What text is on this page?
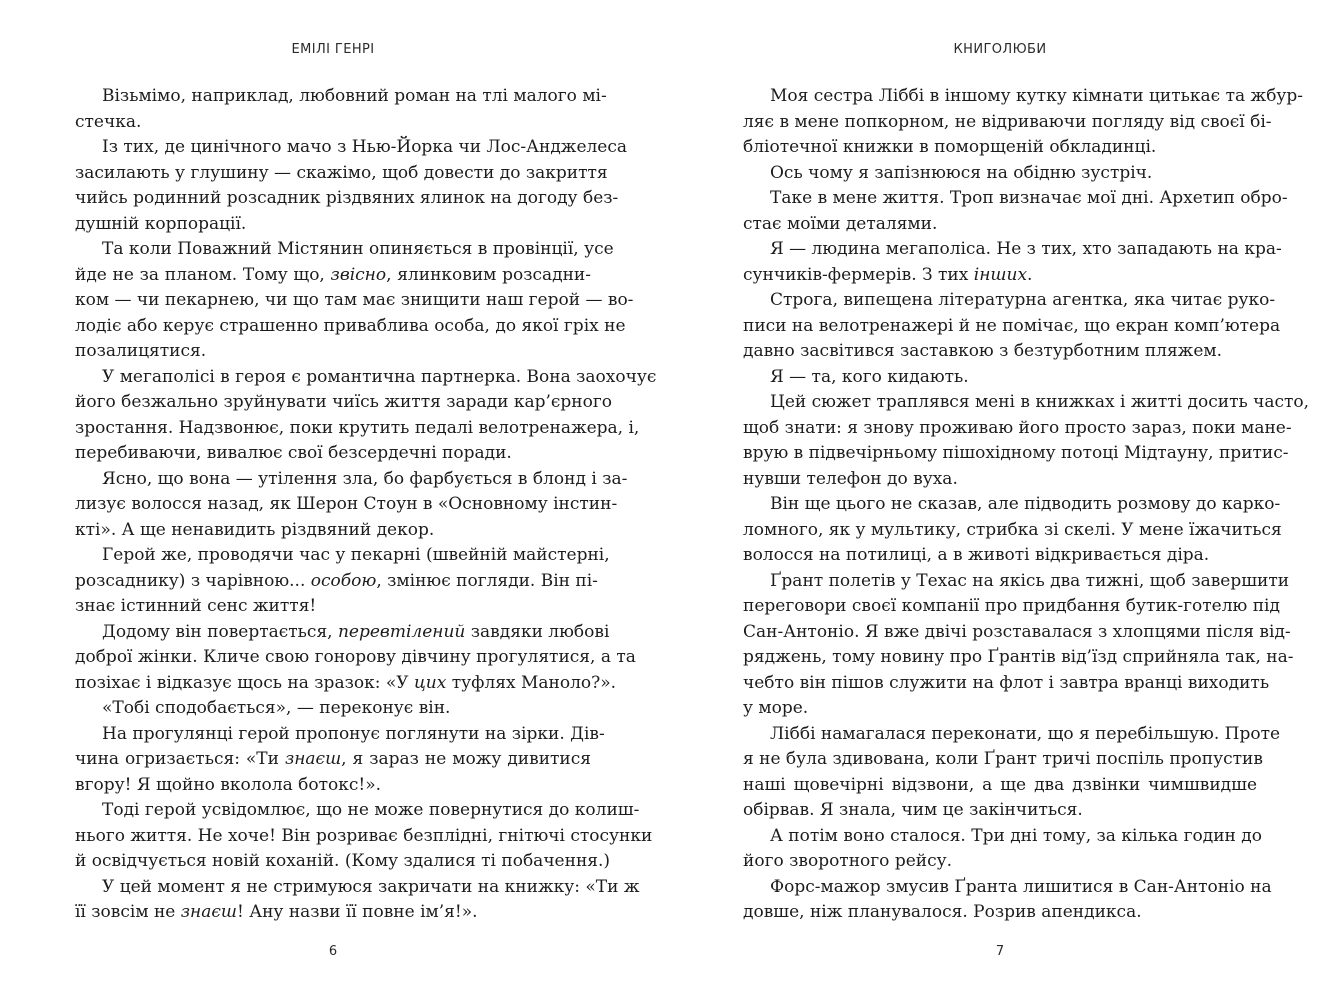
ЕМІЛІ ГЕНРІ
Візьмімо, наприклад, любовний роман на тлі малого мі-
стечка.
Із тих, де цинічного мачо з Нью-Йорка чи Лос-Анджелеса
засилають у глушину — скажімо, щоб довести до закриття
чийсь родинний розсадник різдвяних ялинок на догоду без-
душній корпорації.
Та коли Поважний Містянин опиняється в провінції, усе
йде не за планом. Тому що, звісно, ялинковим розсадни-
ком — чи пекарнею, чи що там має знищити наш герой — во-
лодіє або керує страшенно приваблива особа, до якої гріх не
позалицятися.
У мегаполісі в героя є романтична партнерка. Вона заохочує
його безжально зруйнувати чиїсь життя заради кар’єрного
зростання. Надзвонює, поки крутить педалі велотренажера, і,
перебиваючи, вивалює свої безсердечні поради.
Ясно, що вона — утілення зла, бо фарбується в блонд і за-
лизує волосся назад, як Шерон Стоун в «Основному інстин-
кті». А ще ненавидить різдвяний декор.
Герой же, проводячи час у пекарні (швейній майстерні,
розсаднику) з чарівною... особою, змінює погляди. Він пі-
знає істинний сенс життя!
Додому він повертається, перевтілений завдяки любові
доброї жінки. Кличе свою гонорову дівчину прогулятися, а та
позіхає і відказує щось на зразок: «У цих туфлях Маноло?».
«Тобі сподобається», — переконує він.
На прогулянці герой пропонує поглянути на зірки. Дів-
чина огризається: «Ти знаєш, я зараз не можу дивитися
вгору! Я щойно вколола ботокс!».
Тоді герой усвідомлює, що не може повернутися до колиш-
нього життя. Не хоче! Він розриває безплідні, гнітючі стосунки
й освідчується новій коханій. (Кому здалися ті побачення.)
У цей момент я не стримуюся закричати на книжку: «Ти ж
її зовсім не знаєш! Ану назви її повне ім’я!».
6
КНИГОЛЮБИ
Моя сестра Ліббі в іншому кутку кімнати цитькає та жбур-
ляє в мене попкорном, не відриваючи погляду від своєї бі-
бліотечної книжки в поморщеній обкладинці.
Ось чому я запізнююся на обідню зустріч.
Таке в мене життя. Троп визначає мої дні. Архетип обро-
стає моїми деталями.
Я — людина мегаполіса. Не з тих, хто западають на кра-
сунчиків-фермерів. З тих інших.
Строга, випещена літературна агентка, яка читає руко-
писи на велотренажері й не помічає, що екран комп’ютера
давно засвітився заставкою з безтурботним пляжем.
Я — та, кого кидають.
Цей сюжет траплявся мені в книжках і житті досить часто,
щоб знати: я знову проживаю його просто зараз, поки мане-
врую в підвечірньому пішохідному потоці Мідтауну, притис-
нувши телефон до вуха.
Він ще цього не сказав, але підводить розмову до карко-
ломного, як у мультику, стрибка зі скелі. У мене їжачиться
волосся на потилиці, а в животі відкривається діра.
Ґрант полетів у Техас на якісь два тижні, щоб завершити
переговори своєї компанії про придбання бутик-готелю під
Сан-Антоніо. Я вже двічі розставалася з хлопцями після від-
ряджень, тому новину про Ґрантів від’їзд сприйняла так, на-
чебто він пішов служити на флот і завтра вранці виходить
у море.
Ліббі намагалася переконати, що я перебільшую. Проте
я не була здивована, коли Ґрант тричі поспіль пропустив
наші щовечірні відзвони, а ще два дзвінки чимшвидше
обірвав. Я знала, чим це закінчиться.
А потім воно сталося. Три дні тому, за кілька годин до
його зворотного рейсу.
Форс-мажор змусив Ґранта лишитися в Сан-Антоніо на
довше, ніж планувалося. Розрив апендикса.
7
